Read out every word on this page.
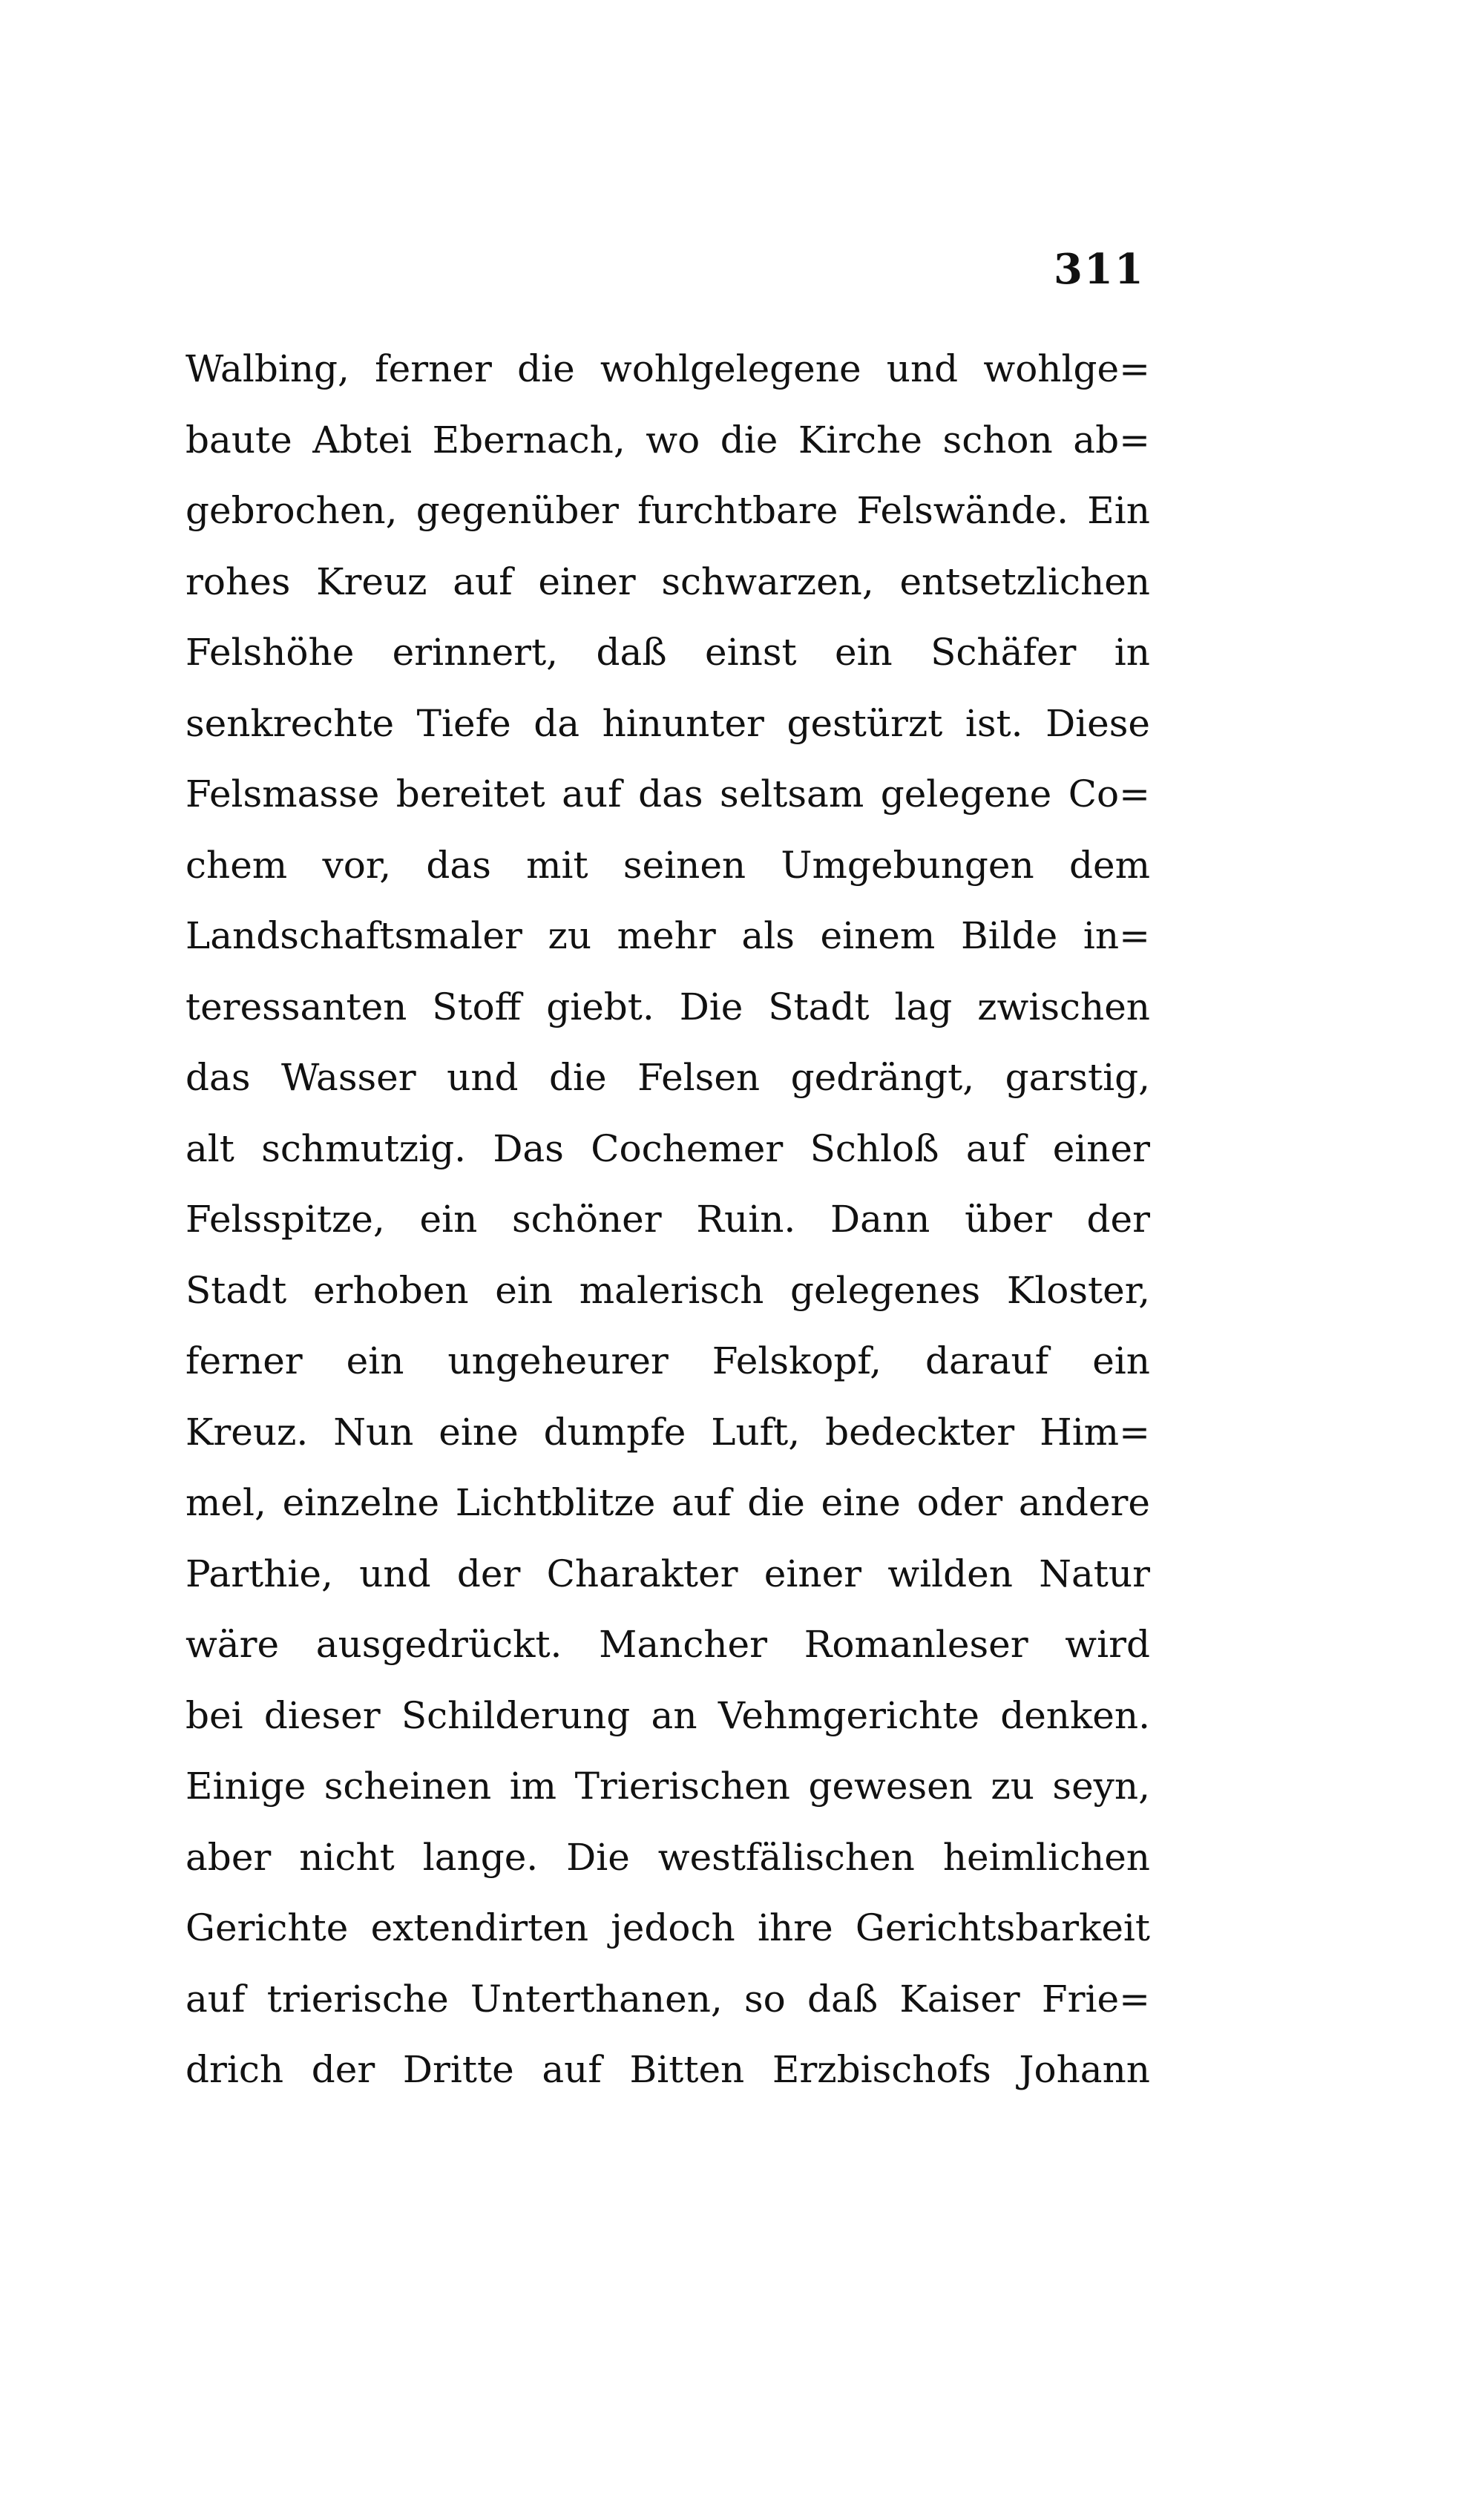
311
Walbing, ferner die wohlgelegene und wohlge=
baute Abtei Ebernach, wo die Kirche schon ab=
gebrochen, gegenüber furchtbare Felswände. Ein
rohes Kreuz auf einer schwarzen, entsetzlichen
Felshöhe erinnert, daß einst ein Schäfer in
senkrechte Tiefe da hinunter gestürzt ist. Diese
Felsmasse bereitet auf das seltsam gelegene Co=
chem vor, das mit seinen Umgebungen dem
Landschaftsmaler zu mehr als einem Bilde in=
teressanten Stoff giebt. Die Stadt lag zwischen
das Wasser und die Felsen gedrängt, garstig,
alt schmutzig. Das Cochemer Schloß auf einer
Felsspitze, ein schöner Ruin. Dann über der
Stadt erhoben ein malerisch gelegenes Kloster,
ferner ein ungeheurer Felskopf, darauf ein
Kreuz. Nun eine dumpfe Luft, bedeckter Him=
mel, einzelne Lichtblitze auf die eine oder andere
Parthie, und der Charakter einer wilden Natur
wäre ausgedrückt. Mancher Romanleser wird
bei dieser Schilderung an Vehmgerichte denken.
Einige scheinen im Trierischen gewesen zu seyn,
aber nicht lange. Die westfälischen heimlichen
Gerichte extendirten jedoch ihre Gerichtsbarkeit
auf trierische Unterthanen, so daß Kaiser Frie=
drich der Dritte auf Bitten Erzbischofs Johann
